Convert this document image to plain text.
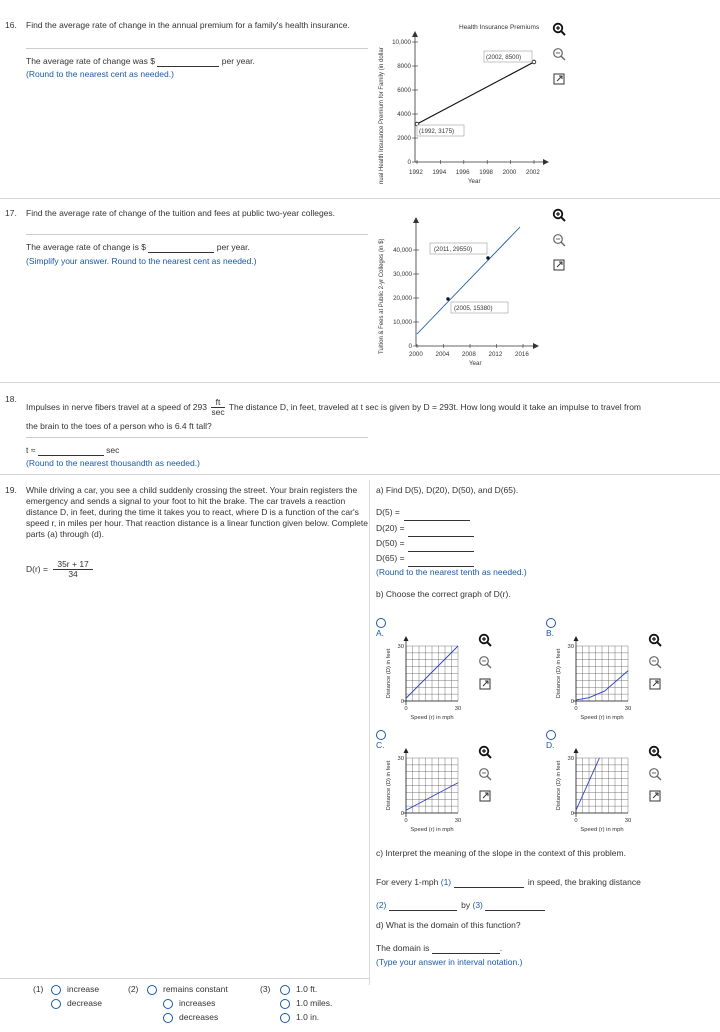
16. Find the average rate of change in the annual premium for a family's health insurance.
The average rate of change was $	per year.
(Round to the nearest cent as needed.)
Health Insurance Premiums
nual Health Insurance Premium for Family (in dollar	1992 1994 1996 1998 2000 2002
0
2000
4000
6000
8000
10,000
(1992, 3175)
(2002, 8500)
Year
17. Find the average rate of change of the tuition and fees at public two-year colleges.
The average rate of change is $	per year.
(Simplify your answer. Round to the nearest cent as needed.)	Tuition & Fees at Public 2-yr Colleges (in $)
2000 2004 2008 2012 2016
0
10,000
20,000
30,000
40,000	(2011, 29550)
(2005, 15380)
Year
18.
Impulses in nerve fibers travel at a speed of $293 \frac{ft}{\sec}$ The distance D, in feet, traveled at t sec is given by D = 293t. How long would it take an impulse to travel from
the brain to the toes of a person who is 6.4 ft tall?
t ≈	sec
(Round to the nearest thousandth as needed.)
19. While driving a car, you see a child suddenly crossing the street. Your brain registers the emergency and sends a signal to your foot to hit the brake. The car travels a reaction distance D, in feet, during the time it takes you to react, where D is a function of the car's speed r, in miles per hour. That reaction distance is a linear function given below. Complete parts (a) through (d).
$D(r) = \frac{35r + 17}{34}$
a) Find D(5), D(20), D(50), and D(65).
D(5) =
D(20) =
D(50) =
D(65) =
(Round to the nearest tenth as needed.)
b) Choose the correct graph of D(r).
A.
30
0
0	30
Speed (r) in mph
Distance (D) in feet
B.
30
0
0	30
Speed (r) in mph
Distance (D) in feet
C.
30
0
0	30
Speed (r) in mph
Distance (D) in feet
D.
30
0
0	30
Speed (r) in mph
Distance (D) in feet
c) Interpret the meaning of the slope in the context of this problem.
For every 1-mph (1)	in speed, the braking distance
(2)	by (3)
d) What is the domain of this function?
The domain is	.
(Type your answer in interval notation.)
(1)	increase
decrease
(2)	remains constant
increases
decreases
(3)	1.0 ft.
1.0 miles.
1.0 in.
